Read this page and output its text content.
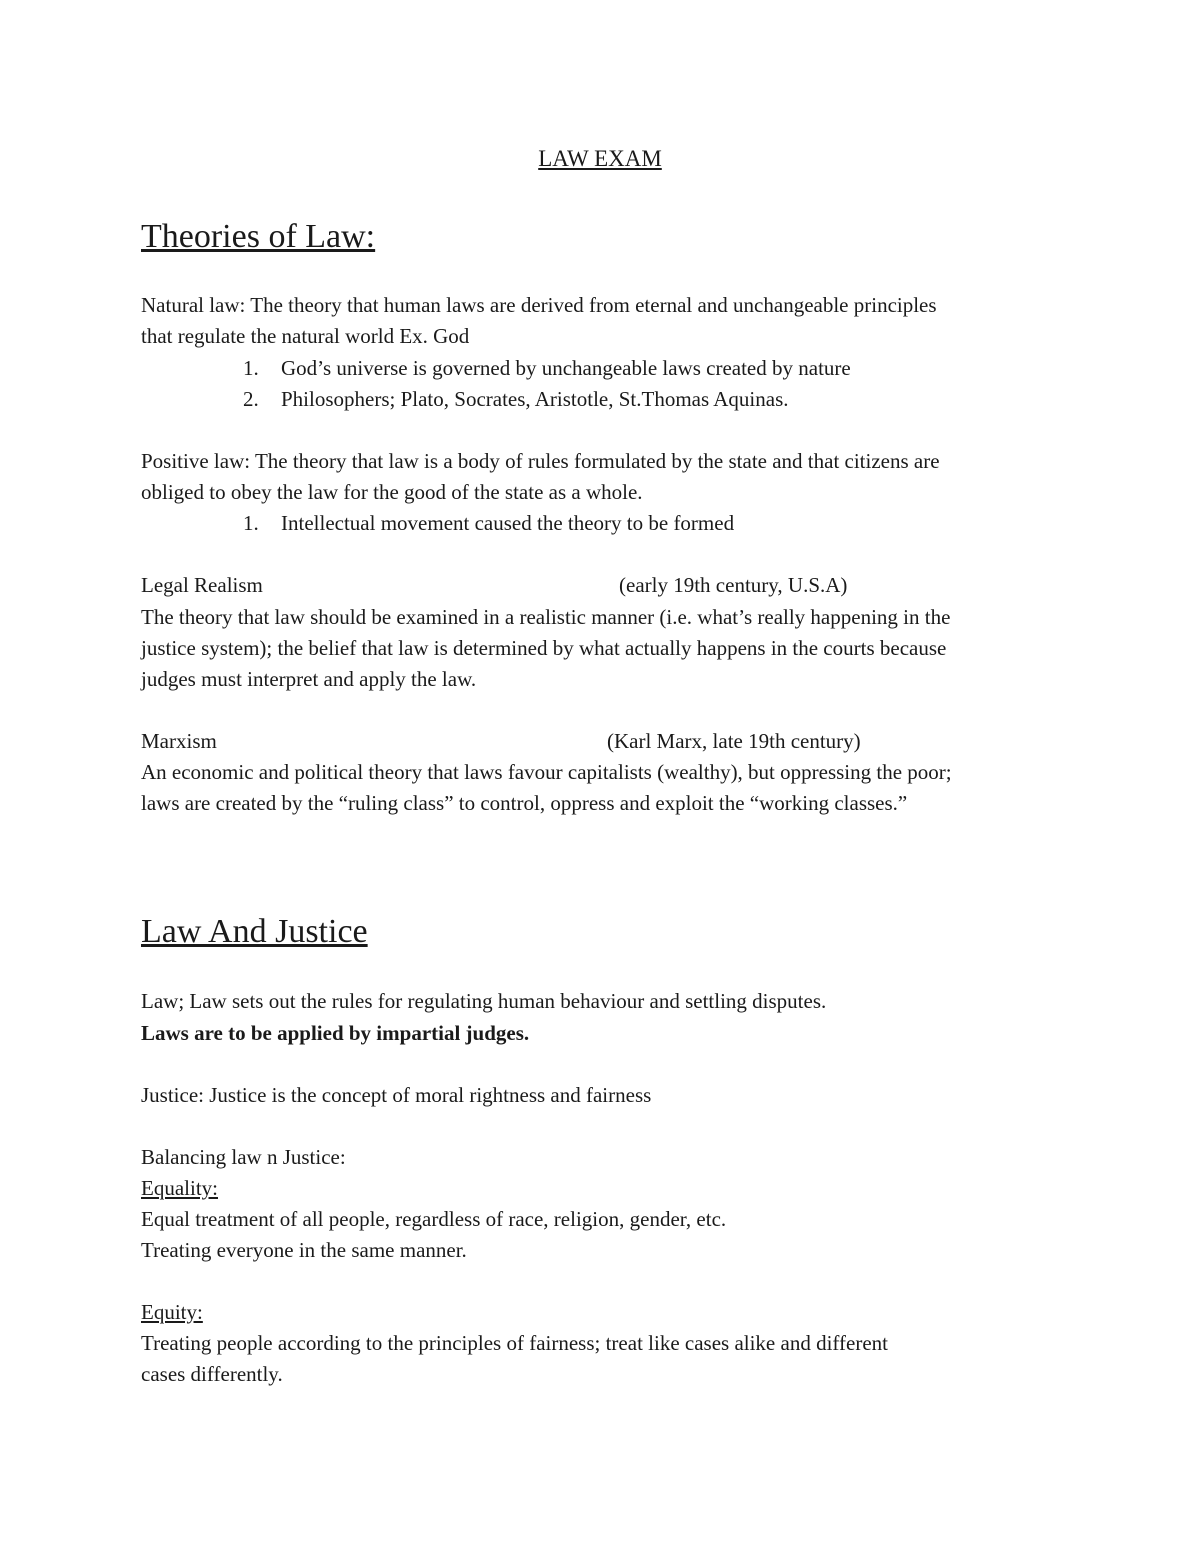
LAW EXAM
Theories of Law:
Natural law: The theory that human laws are derived from eternal and unchangeable principles
that regulate the natural world Ex. God
1. God’s universe is governed by unchangeable laws created by nature
2. Philosophers; Plato, Socrates, Aristotle, St.Thomas Aquinas.
Positive law: The theory that law is a body of rules formulated by the state and that citizens are
obliged to obey the law for the good of the state as a whole.
1. Intellectual movement caused the theory to be formed
Legal Realism	(early 19th century, U.S.A)
The theory that law should be examined in a realistic manner (i.e. what’s really happening in the
justice system); the belief that law is determined by what actually happens in the courts because
judges must interpret and apply the law.
Marxism	(Karl Marx, late 19th century)
An economic and political theory that laws favour capitalists (wealthy), but oppressing the poor;
laws are created by the “ruling class” to control, oppress and exploit the “working classes.”
Law And Justice
Law; Law sets out the rules for regulating human behaviour and settling disputes.
Laws are to be applied by impartial judges.
Justice: Justice is the concept of moral rightness and fairness
Balancing law n Justice:
Equality:
Equal treatment of all people, regardless of race, religion, gender, etc.
Treating everyone in the same manner.
Equity:
Treating people according to the principles of fairness; treat like cases alike and different
cases differently.
